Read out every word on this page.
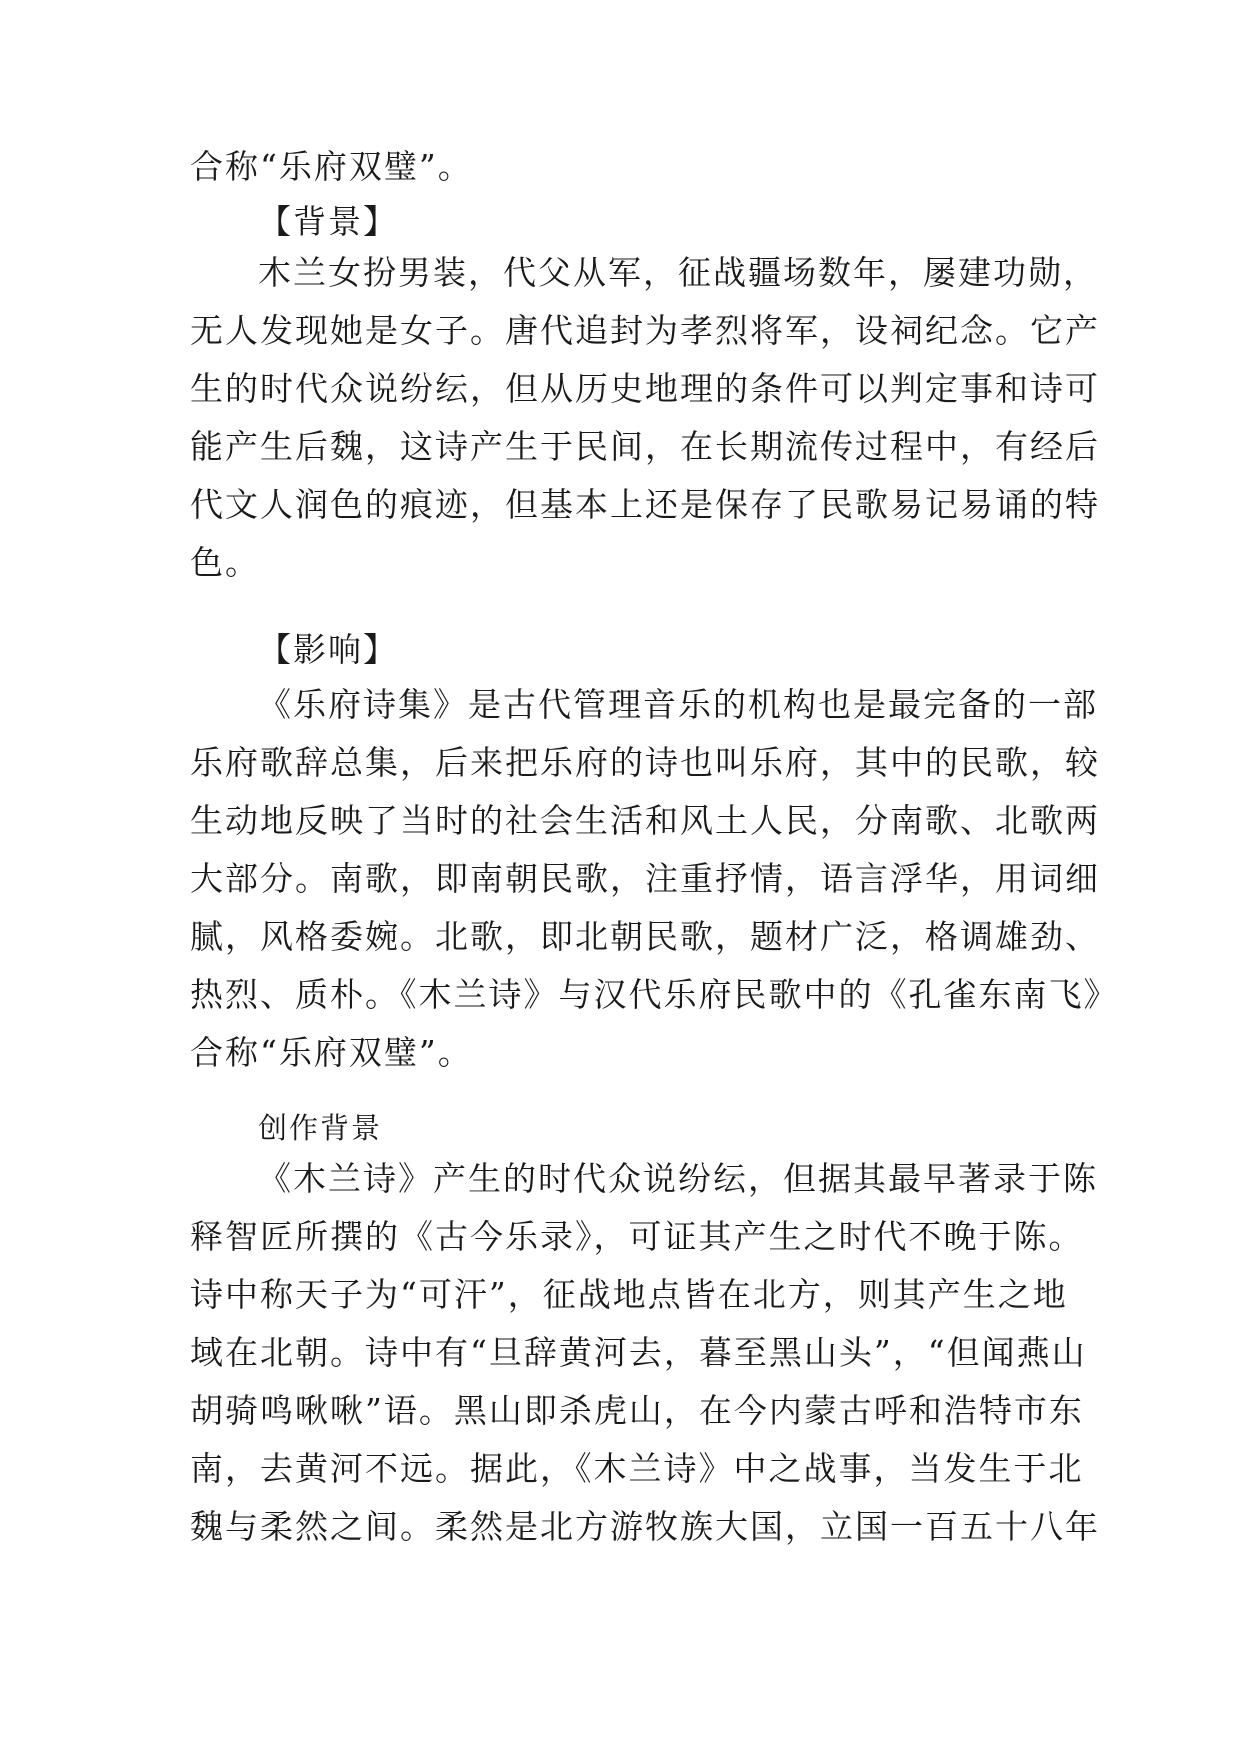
合称“乐府双璧”。
【背景】
木兰女扮男装，代父从军，征战疆场数年，屡建功勋，
无人发现她是女子。唐代追封为孝烈将军，设祠纪念。它产
生的时代众说纷纭，但从历史地理的条件可以判定事和诗可
能产生后魏，这诗产生于民间，在长期流传过程中，有经后
代文人润色的痕迹，但基本上还是保存了民歌易记易诵的特
色。
【影响】
《乐府诗集》是古代管理音乐的机构也是最完备的一部
乐府歌辞总集，后来把乐府的诗也叫乐府，其中的民歌，较
生动地反映了当时的社会生活和风土人民，分南歌、北歌两
大部分。南歌，即南朝民歌，注重抒情，语言浮华，用词细
腻，风格委婉。北歌，即北朝民歌，题材广泛，格调雄劲、
热烈、质朴。《木兰诗》与汉代乐府民歌中的《孔雀东南飞》
合称“乐府双璧”。
创作背景
《木兰诗》产生的时代众说纷纭，但据其最早著录于陈
释智匠所撰的《古今乐录》，可证其产生之时代不晚于陈。
诗中称天子为“可汗”，征战地点皆在北方，则其产生之地
域在北朝。诗中有“旦辞黄河去，暮至黑山头”，“但闻燕山
胡骑鸣啾啾”语。黑山即杀虎山，在今内蒙古呼和浩特市东
南，去黄河不远。据此，《木兰诗》中之战事，当发生于北
魏与柔然之间。柔然是北方游牧族大国，立国一百五十八年
